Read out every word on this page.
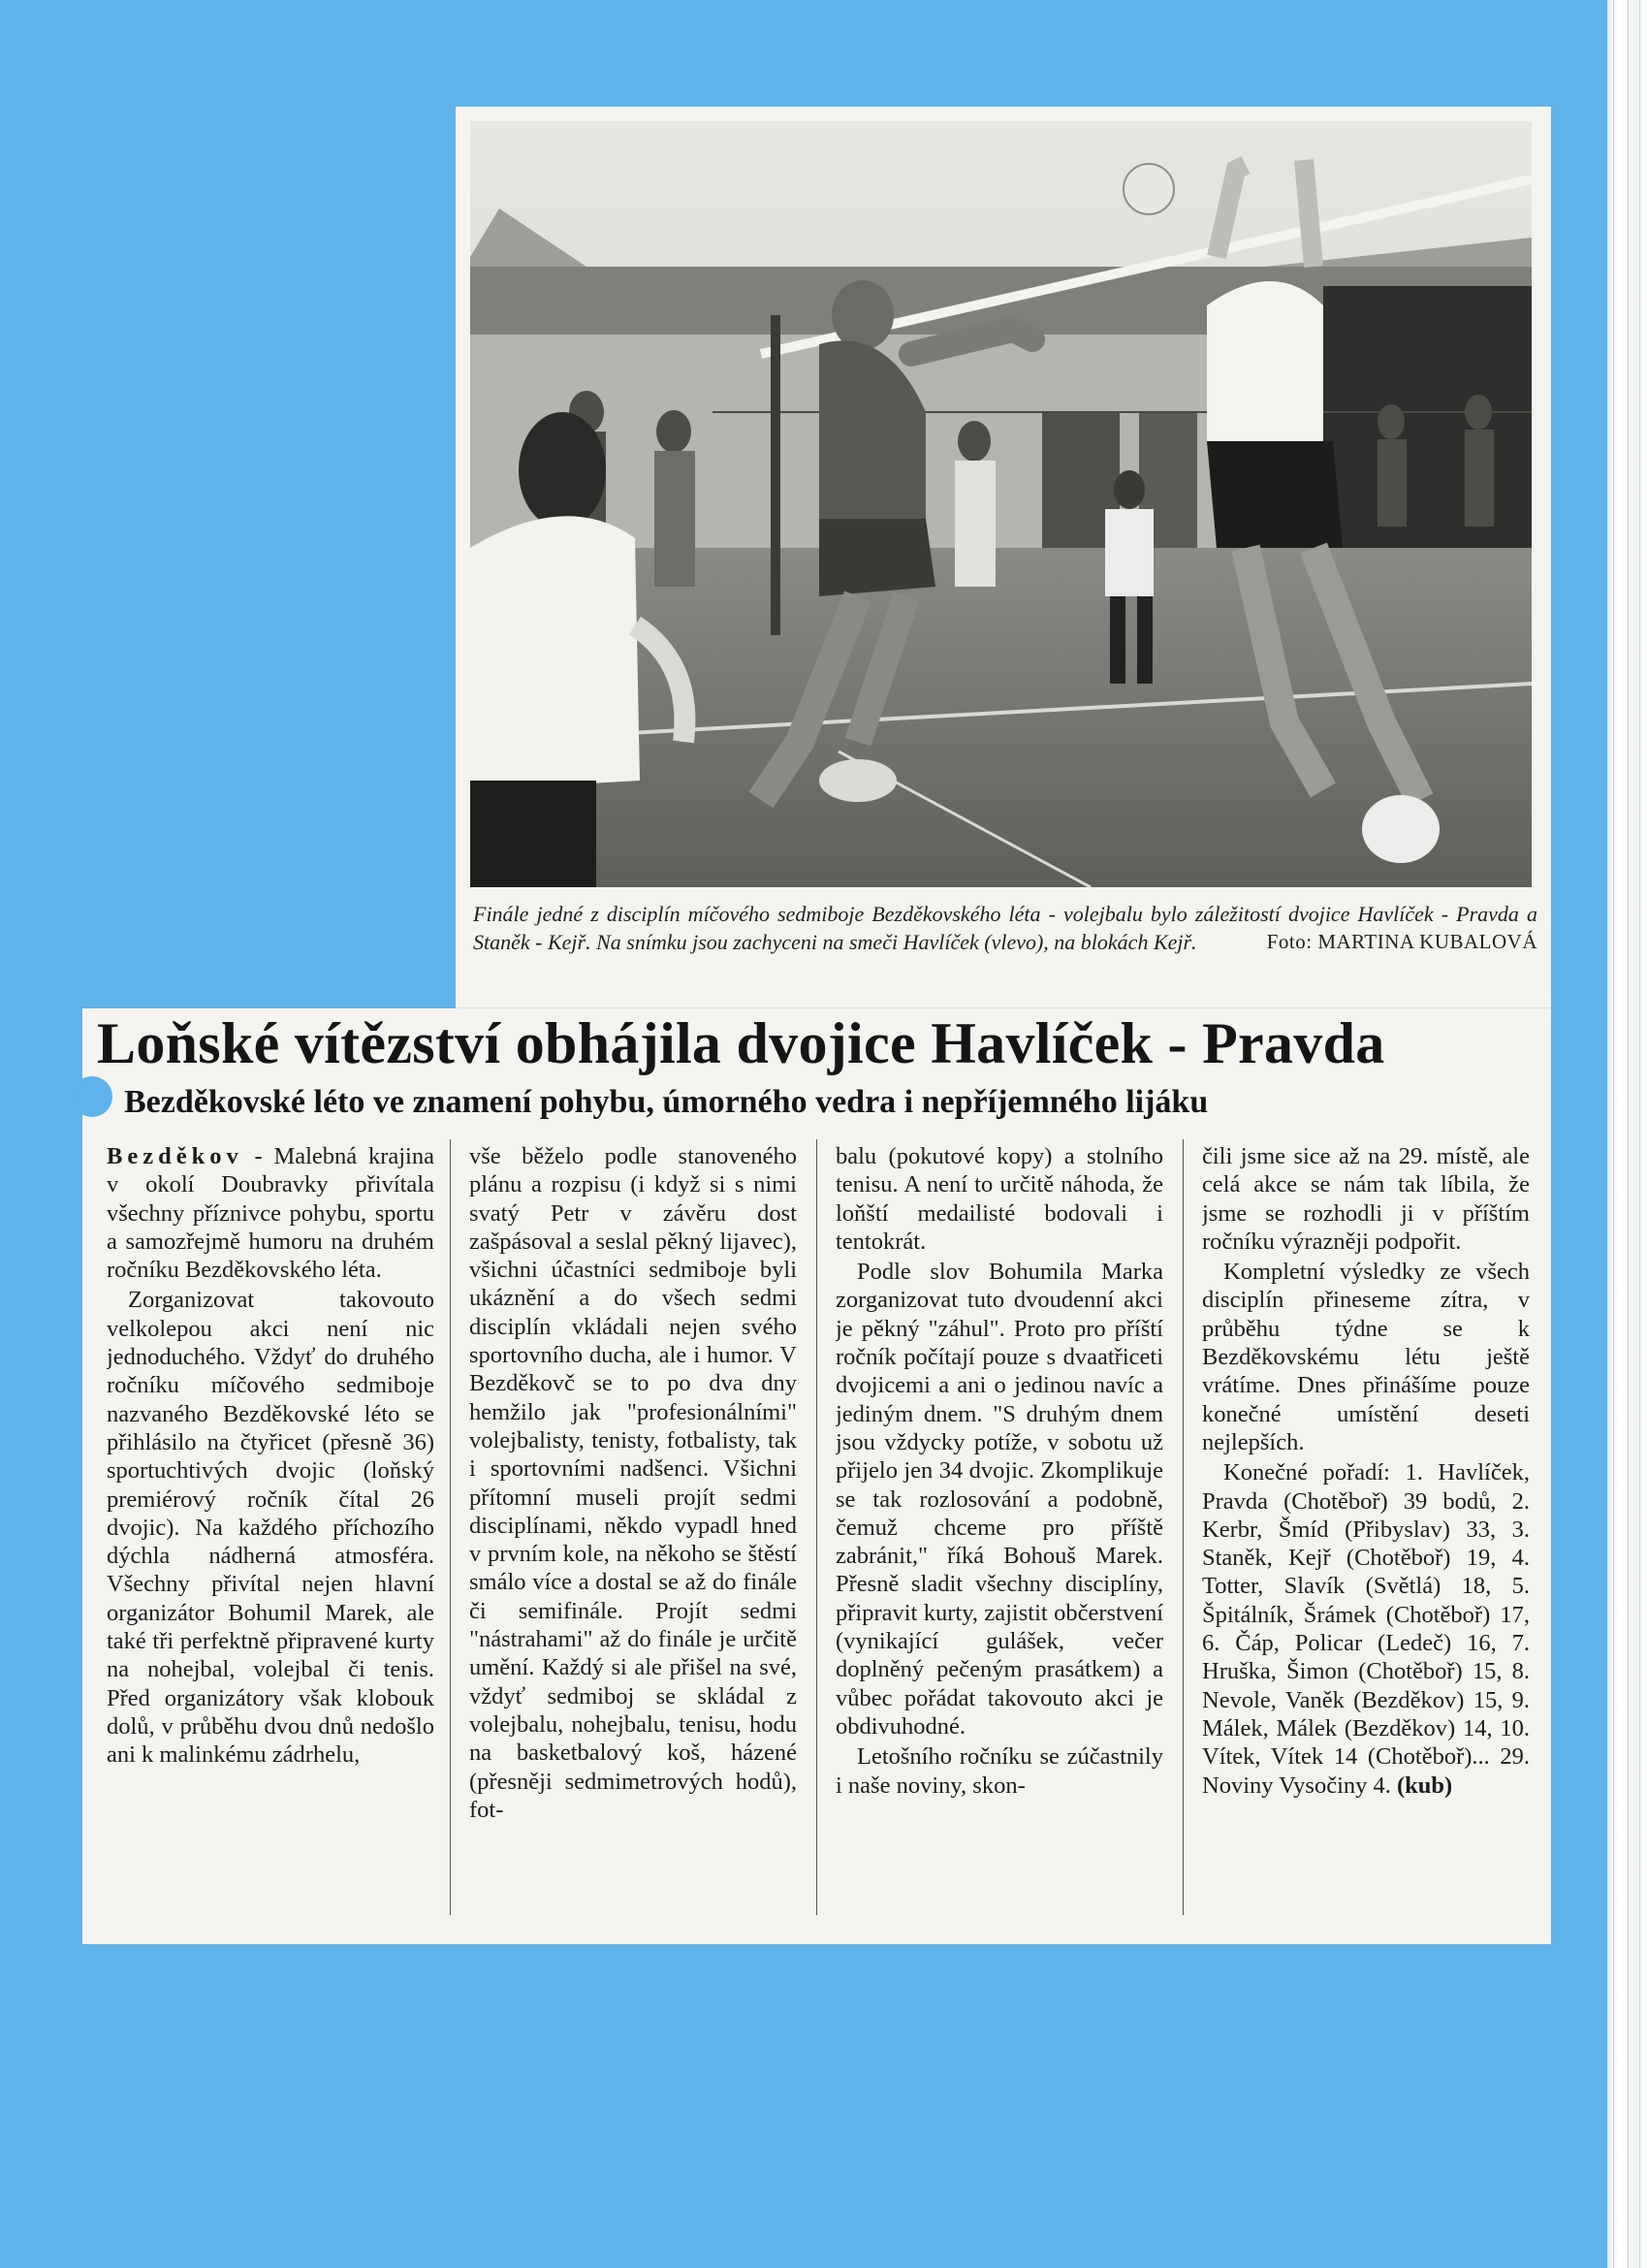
Finále jedné z disciplín míčového sedmiboje Bezděkovského léta - volejbalu bylo záležitostí dvojice Havlíček - Pravda a Staněk - Kejř. Na snímku jsou zachyceni na smeči Havlíček (vlevo), na blokách Kejř.	Foto: MARTINA KUBALOVÁ
Loňské vítězství obhájila dvojice Havlíček - Pravda
Bezděkovské léto ve znamení pohybu, úmorného vedra i nepříjemného lijáku

Bezděkov - Malebná krajina v okolí Doubravky přivítala všechny příznivce pohybu, sportu a samozřejmě humoru na druhém ročníku Bezděkovského léta.

Zorganizovat takovouto velkolepou akci není nic jednoduchého. Vždyť do druhého ročníku míčového sedmiboje nazvaného Bezděkovské léto se přihlásilo na čtyřicet (přesně 36) sportuchtivých dvojic (loňský premiérový ročník čítal 26 dvojic). Na každého příchozího dýchla nádherná atmosféra. Všechny přivítal nejen hlavní organizátor Bohumil Marek, ale také tři perfektně připravené kurty na nohejbal, volejbal či tenis. Před organizátory však klobouk dolů, v průběhu dvou dnů nedošlo ani k malinkému zádrhelu,

vše běželo podle stanoveného plánu a rozpisu (i když si s nimi svatý Petr v závěru dost zašpásoval a seslal pěkný lijavec), všichni účastníci sedmiboje byli ukáznění a do všech sedmi disciplín vkládali nejen svého sportovního ducha, ale i humor. V Bezděkovč se to po dva dny hemžilo jak "profesionálními" volejbalisty, tenisty, fotbalisty, tak i sportovními nadšenci. Všichni přítomní museli projít sedmi disciplínami, někdo vypadl hned v prvním kole, na někoho se štěstí smálo více a dostal se až do finále či semifinále. Projít sedmi "nástrahami" až do finále je určitě umění. Každý si ale přišel na své, vždyť sedmiboj se skládal z volejbalu, nohejbalu, tenisu, hodu na basketbalový koš, házené (přesněji sedmimetrových hodů), fot-

balu (pokutové kopy) a stolního tenisu. A není to určitě náhoda, že loňští medailisté bodovali i tentokrát.

Podle slov Bohumila Marka zorganizovat tuto dvoudenní akci je pěkný "záhul". Proto pro příští ročník počítají pouze s dvaatřiceti dvojicemi a ani o jedinou navíc a jediným dnem. "S druhým dnem jsou vždycky potíže, v sobotu už přijelo jen 34 dvojic. Zkomplikuje se tak rozlosování a podobně, čemuž chceme pro příště zabránit," říká Bohouš Marek. Přesně sladit všechny disciplíny, připravit kurty, zajistit občerstvení (vynikající gulášek, večer doplněný pečeným prasátkem) a vůbec pořádat takovouto akci je obdivuhodné.

Letošního ročníku se zúčastnily i naše noviny, skon-

čili jsme sice až na 29. místě, ale celá akce se nám tak líbila, že jsme se rozhodli ji v příštím ročníku výrazněji podpořit.

Kompletní výsledky ze všech disciplín přineseme zítra, v průběhu týdne se k Bezděkovskému létu ještě vrátíme. Dnes přinášíme pouze konečné umístění deseti nejlepších.

Konečné pořadí: 1. Havlíček, Pravda (Chotěboř) 39 bodů, 2. Kerbr, Šmíd (Přibyslav) 33, 3. Staněk, Kejř (Chotěboř) 19, 4. Totter, Slavík (Světlá) 18, 5. Špitálník, Šrámek (Chotěboř) 17, 6. Čáp, Policar (Ledeč) 16, 7. Hruška, Šimon (Chotěboř) 15, 8. Nevole, Vaněk (Bezděkov) 15, 9. Málek, Málek (Bezděkov) 14, 10. Vítek, Vítek 14 (Chotěboř)... 29. Noviny Vysočiny 4. (kub)
